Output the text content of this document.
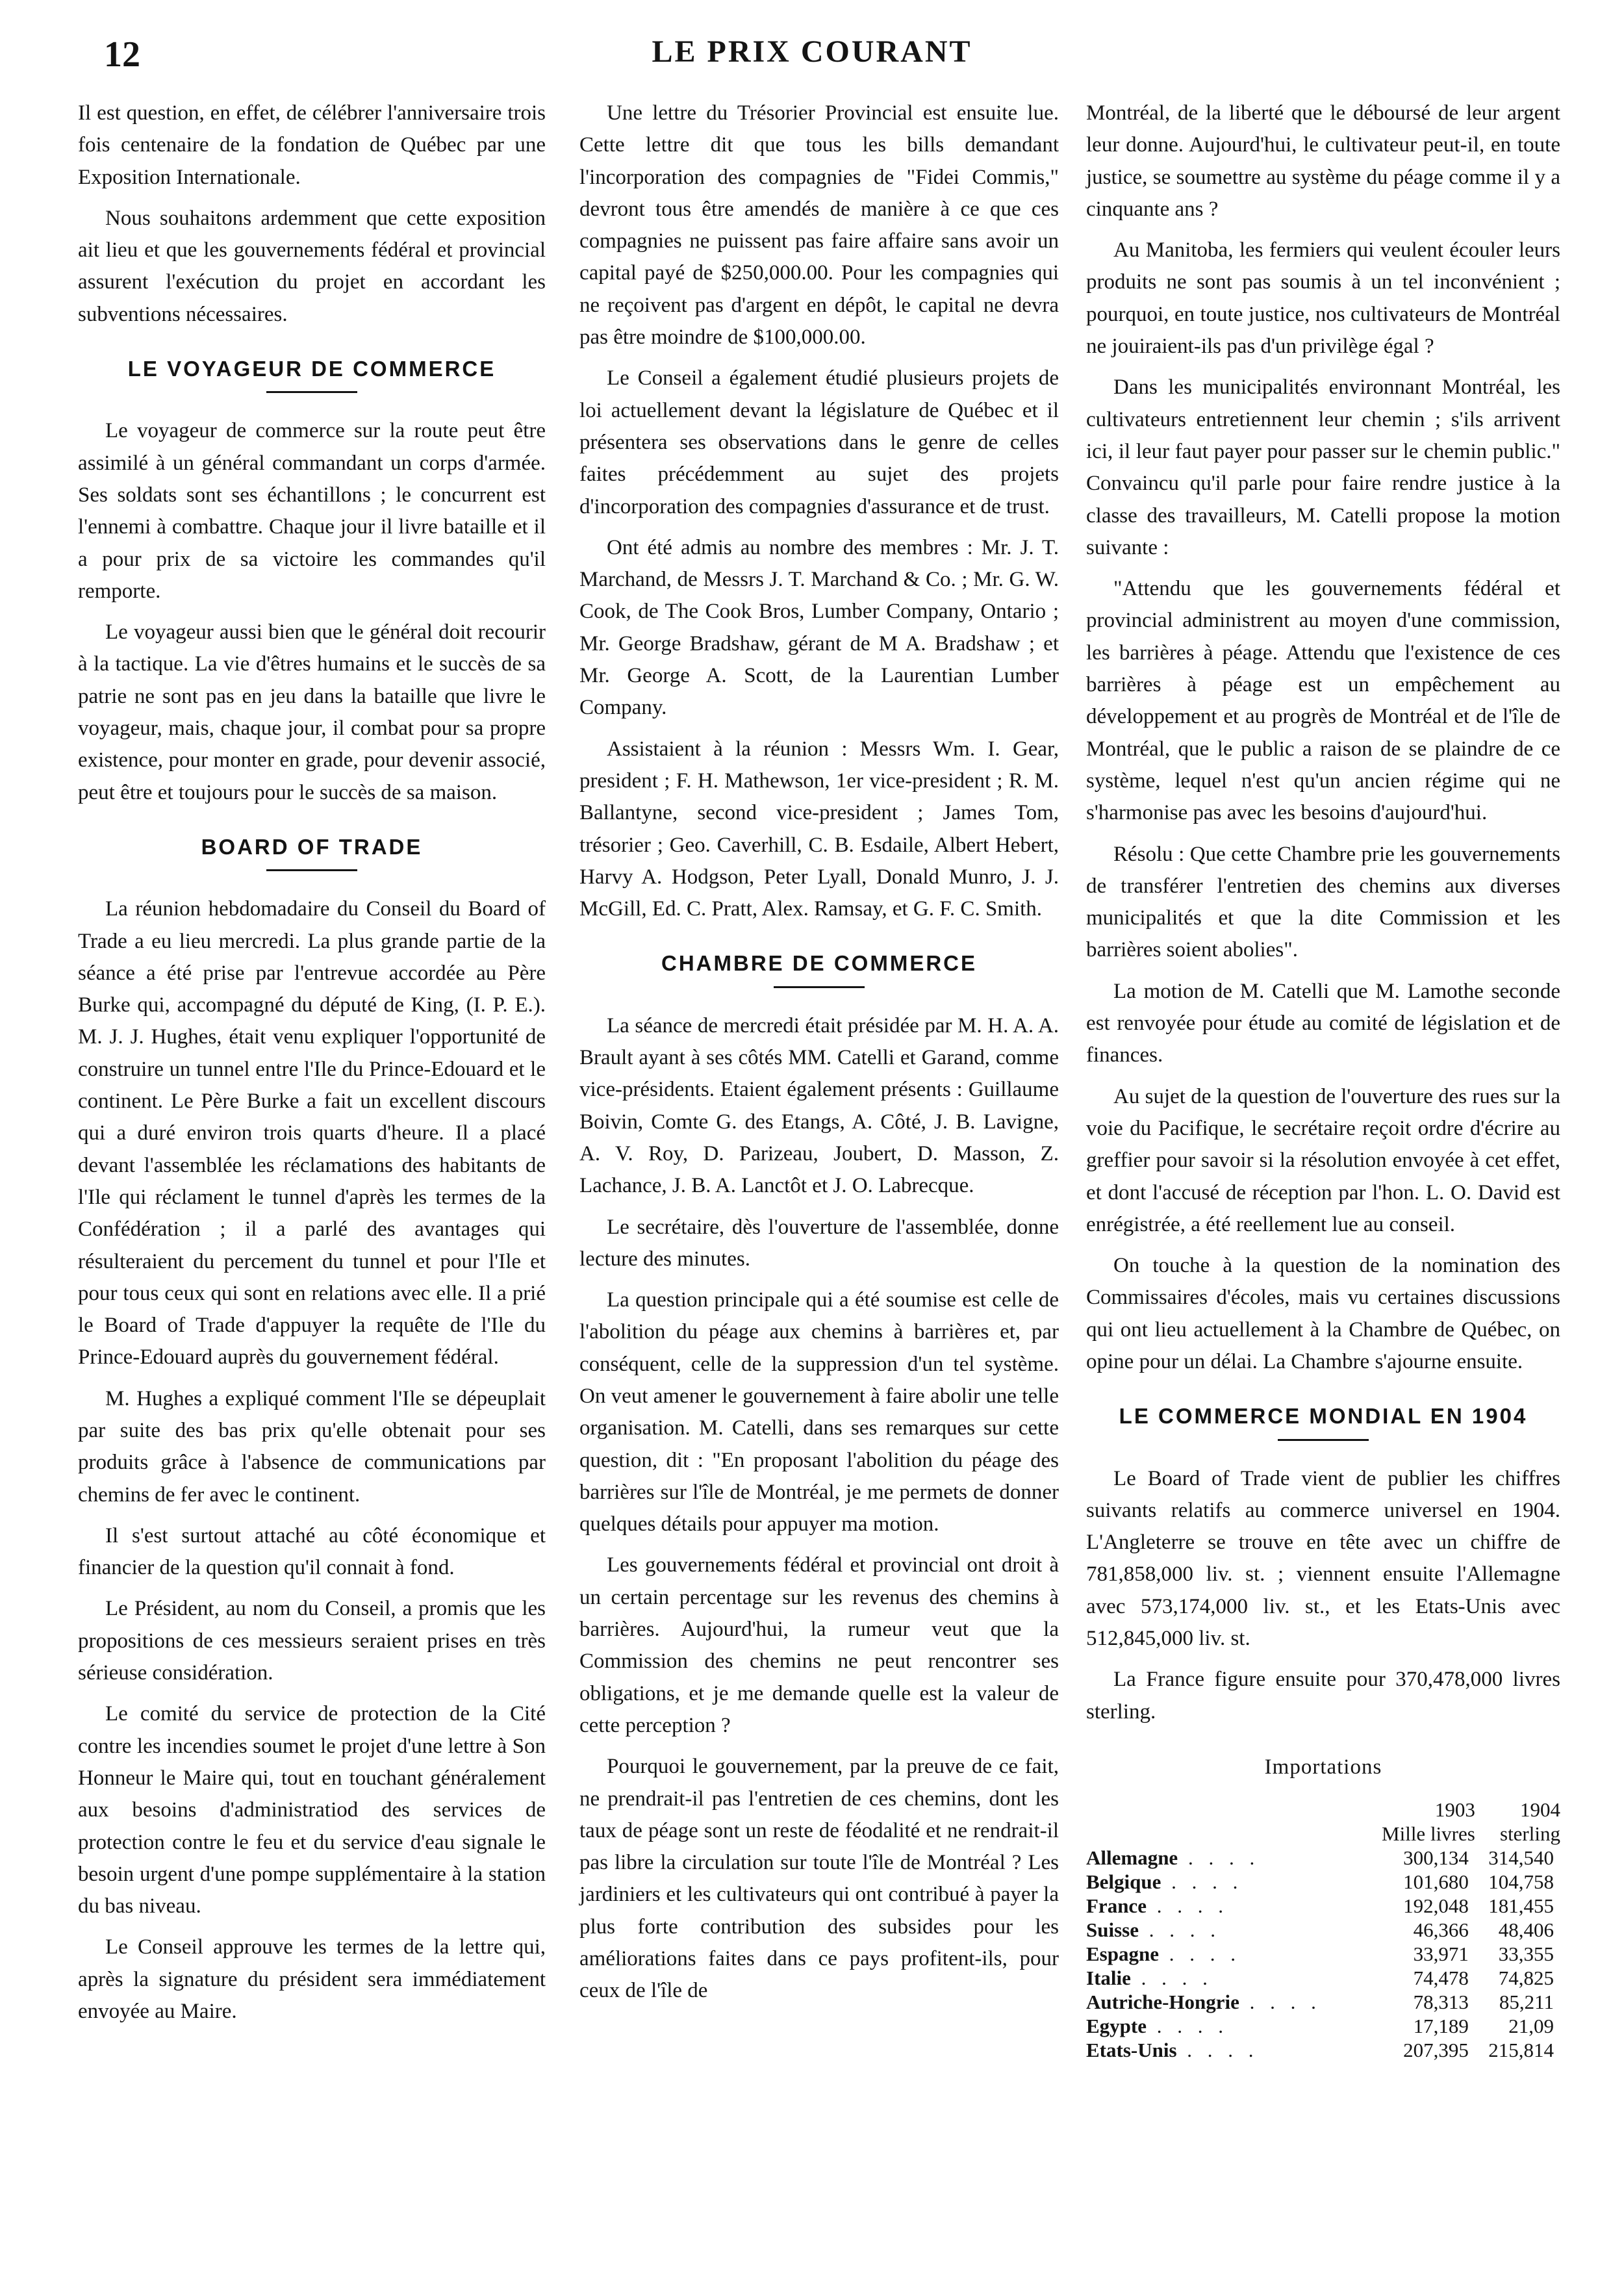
12	LE PRIX COURANT

Il est question, en effet, de célébrer l'anniversaire trois fois centenaire de la fondation de Québec par une Exposition Internationale.

Nous souhaitons ardemment que cette exposition ait lieu et que les gouvernements fédéral et provincial assurent l'exécution du projet en accordant les subventions nécessaires.

LE VOYAGEUR DE COMMERCE

Le voyageur de commerce sur la route peut être assimilé à un général commandant un corps d'armée. Ses soldats sont ses échantillons ; le concurrent est l'ennemi à combattre. Chaque jour il livre bataille et il a pour prix de sa victoire les commandes qu'il remporte.

Le voyageur aussi bien que le général doit recourir à la tactique. La vie d'êtres humains et le succès de sa patrie ne sont pas en jeu dans la bataille que livre le voyageur, mais, chaque jour, il combat pour sa propre existence, pour monter en grade, pour devenir associé, peut être et toujours pour le succès de sa maison.

BOARD OF TRADE

La réunion hebdomadaire du Conseil du Board of Trade a eu lieu mercredi. La plus grande partie de la séance a été prise par l'entrevue accordée au Père Burke qui, accompagné du député de King, (I. P. E.). M. J. J. Hughes, était venu expliquer l'opportunité de construire un tunnel entre l'Ile du Prince-Edouard et le continent. Le Père Burke a fait un excellent discours qui a duré environ trois quarts d'heure. Il a placé devant l'assemblée les réclamations des habitants de l'Ile qui réclament le tunnel d'après les termes de la Confédération ; il a parlé des avantages qui résulteraient du percement du tunnel et pour l'Ile et pour tous ceux qui sont en relations avec elle. Il a prié le Board of Trade d'appuyer la requête de l'Ile du Prince-Edouard auprès du gouvernement fédéral.

M. Hughes a expliqué comment l'Ile se dépeuplait par suite des bas prix qu'elle obtenait pour ses produits grâce à l'absence de communications par chemins de fer avec le continent.

Il s'est surtout attaché au côté économique et financier de la question qu'il connait à fond.

Le Président, au nom du Conseil, a promis que les propositions de ces messieurs seraient prises en très sérieuse considération.

Le comité du service de protection de la Cité contre les incendies soumet le projet d'une lettre à Son Honneur le Maire qui, tout en touchant généralement aux besoins d'administratiod des services de protection contre le feu et du service d'eau signale le besoin urgent d'une pompe supplémentaire à la station du bas niveau.

Le Conseil approuve les termes de la lettre qui, après la signature du président sera immédiatement envoyée au Maire.

Une lettre du Trésorier Provincial est ensuite lue. Cette lettre dit que tous les bills demandant l'incorporation des compagnies de "Fidei Commis," devront tous être amendés de manière à ce que ces compagnies ne puissent pas faire affaire sans avoir un capital payé de $250,000.00. Pour les compagnies qui ne reçoivent pas d'argent en dépôt, le capital ne devra pas être moindre de $100,000.00.

Le Conseil a également étudié plusieurs projets de loi actuellement devant la législature de Québec et il présentera ses observations dans le genre de celles faites précédemment au sujet des projets d'incorporation des compagnies d'assurance et de trust.

Ont été admis au nombre des membres : Mr. J. T. Marchand, de Messrs J. T. Marchand & Co. ; Mr. G. W. Cook, de The Cook Bros, Lumber Company, Ontario ; Mr. George Bradshaw, gérant de M A. Bradshaw ; et Mr. George A. Scott, de la Laurentian Lumber Company.

Assistaient à la réunion : Messrs Wm. I. Gear, president ; F. H. Mathewson, 1er vice-president ; R. M. Ballantyne, second vice-president ; James Tom, trésorier ; Geo. Caverhill, C. B. Esdaile, Albert Hebert, Harvy A. Hodgson, Peter Lyall, Donald Munro, J. J. McGill, Ed. C. Pratt, Alex. Ramsay, et G. F. C. Smith.

CHAMBRE DE COMMERCE

La séance de mercredi était présidée par M. H. A. A. Brault ayant à ses côtés MM. Catelli et Garand, comme vice-présidents. Etaient également présents : Guillaume Boivin, Comte G. des Etangs, A. Côté, J. B. Lavigne, A. V. Roy, D. Parizeau, Joubert, D. Masson, Z. Lachance, J. B. A. Lanctôt et J. O. Labrecque.

Le secrétaire, dès l'ouverture de l'assemblée, donne lecture des minutes.

La question principale qui a été soumise est celle de l'abolition du péage aux chemins à barrières et, par conséquent, celle de la suppression d'un tel système. On veut amener le gouvernement à faire abolir une telle organisation. M. Catelli, dans ses remarques sur cette question, dit : "En proposant l'abolition du péage des barrières sur l'île de Montréal, je me permets de donner quelques détails pour appuyer ma motion.

Les gouvernements fédéral et provincial ont droit à un certain percentage sur les revenus des chemins à barrières. Aujourd'hui, la rumeur veut que la Commission des chemins ne peut rencontrer ses obligations, et je me demande quelle est la valeur de cette perception ?

Pourquoi le gouvernement, par la preuve de ce fait, ne prendrait-il pas l'entretien de ces chemins, dont les taux de péage sont un reste de féodalité et ne rendrait-il pas libre la circulation sur toute l'île de Montréal ? Les jardiniers et les cultivateurs qui ont contribué à payer la plus forte contribution des subsides pour les améliorations faites dans ce pays profitent-ils, pour ceux de l'île de

Montréal, de la liberté que le déboursé de leur argent leur donne. Aujourd'hui, le cultivateur peut-il, en toute justice, se soumettre au système du péage comme il y a cinquante ans ?

Au Manitoba, les fermiers qui veulent écouler leurs produits ne sont pas soumis à un tel inconvénient ; pourquoi, en toute justice, nos cultivateurs de Montréal ne jouiraient-ils pas d'un privilège égal ?

Dans les municipalités environnant Montréal, les cultivateurs entretiennent leur chemin ; s'ils arrivent ici, il leur faut payer pour passer sur le chemin public." Convaincu qu'il parle pour faire rendre justice à la classe des travailleurs, M. Catelli propose la motion suivante :

"Attendu que les gouvernements fédéral et provincial administrent au moyen d'une commission, les barrières à péage. Attendu que l'existence de ces barrières à péage est un empêchement au développement et au progrès de Montréal et de l'île de Montréal, que le public a raison de se plaindre de ce système, lequel n'est qu'un ancien régime qui ne s'harmonise pas avec les besoins d'aujourd'hui.

Résolu : Que cette Chambre prie les gouvernements de transférer l'entretien des chemins aux diverses municipalités et que la dite Commission et les barrières soient abolies".

La motion de M. Catelli que M. Lamothe seconde est renvoyée pour étude au comité de législation et de finances.

Au sujet de la question de l'ouverture des rues sur la voie du Pacifique, le secrétaire reçoit ordre d'écrire au greffier pour savoir si la résolution envoyée à cet effet, et dont l'accusé de réception par l'hon. L. O. David est enrégistrée, a été reellement lue au conseil.

On touche à la question de la nomination des Commissaires d'écoles, mais vu certaines discussions qui ont lieu actuellement à la Chambre de Québec, on opine pour un délai. La Chambre s'ajourne ensuite.

LE COMMERCE MONDIAL EN 1904

Le Board of Trade vient de publier les chiffres suivants relatifs au commerce universel en 1904. L'Angleterre se trouve en tête avec un chiffre de 781,858,000 liv. st. ; viennent ensuite l'Allemagne avec 573,174,000 liv. st., et les Etats-Unis avec 512,845,000 liv. st.

La France figure ensuite pour 370,478,000 livres sterling.

Importations
	1903	1904
	Mille livres	sterling
Allemagne . . . .	300,134	314,540
Belgique . . . .	101,680	104,758
France . . . .	192,048	181,455
Suisse . . . .	46,366	48,406
Espagne . . . .	33,971	33,355
Italie . . . .	74,478	74,825
Autriche-Hongrie . . . .	78,313	85,211
Egypte . . . .	17,189	21,09
Etats-Unis . . . .	207,395	215,814
